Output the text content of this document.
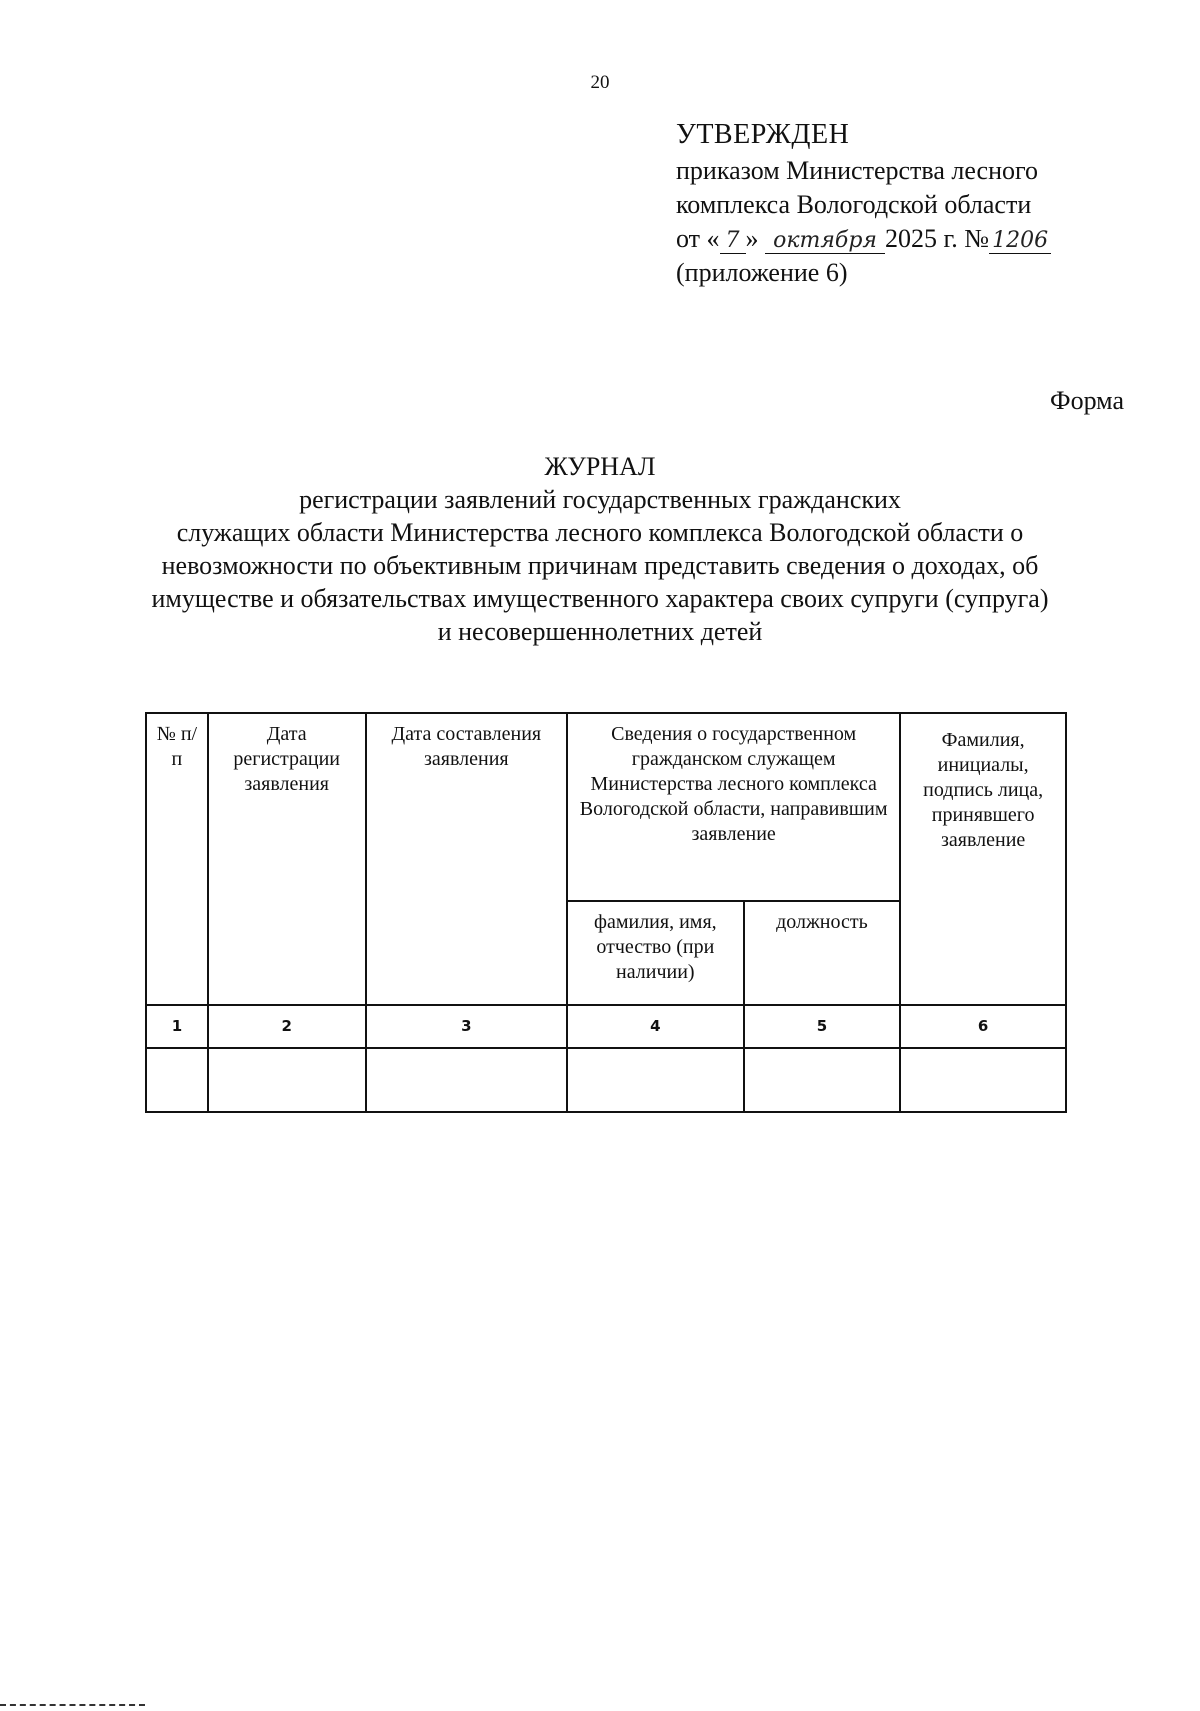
20
УТВЕРЖДЕН
приказом Министерства лесного
комплекса Вологодской области
от « 7 » октября 2025 г. № 1206
(приложение 6)
Форма
ЖУРНАЛ
регистрации заявлений государственных гражданских
служащих области Министерства лесного комплекса Вологодской области о
невозможности по объективным причинам представить сведения о доходах, об
имуществе и обязательствах имущественного характера своих супруги (супруга)
и несовершеннолетних детей
№ п/п	Дата регистрации заявления	Дата составления заявления	Сведения о государственном гражданском служащем Министерства лесного комплекса Вологодской области, направившим заявление		Фамилия, инициалы, подпись лица, принявшего заявление
			фамилия, имя, отчество (при наличии)	должность	
1	2	3	4	5	6
